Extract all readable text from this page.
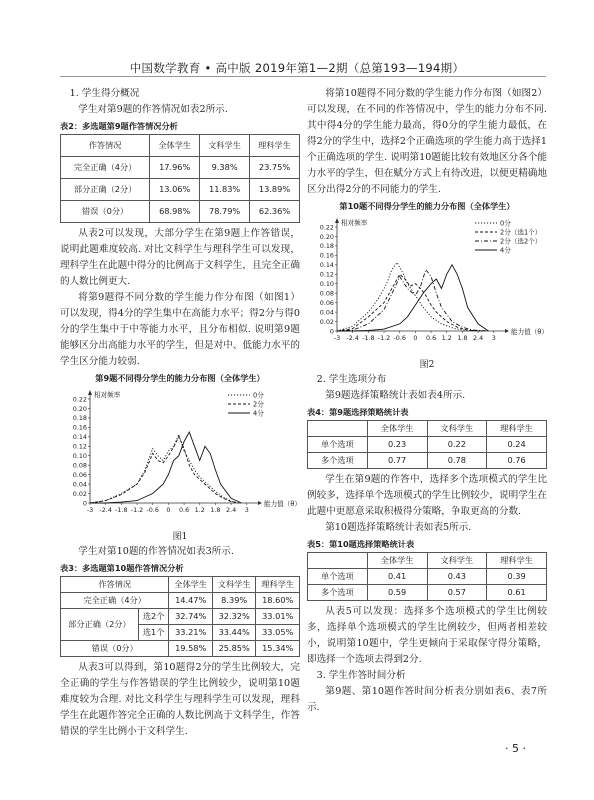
中国数学教育 • 高中版 2019年第1—2期（总第193—194期）

1. 学生得分概况

学生对第9题的作答情况如表2所示.

表2：多选题第9题作答情况分析
作答情况	全体学生	文科学生	理科学生
完全正确（4分）	17.96%	9.38%	23.75%
部分正确（2分）	13.06%	11.83%	13.89%
错误（0分）	68.98%	78.79%	62.36%

从表2可以发现，大部分学生在第9题上作答错误，说明此题难度较高. 对比文科学生与理科学生可以发现，理科学生在此题中得分的比例高于文科学生，且完全正确的人数比例更大.

将第9题得不同分数的学生能力作分布图（如图1）可以发现，得4分的学生集中在高能力水平；得2分与得0分的学生集中于中等能力水平，且分布相似. 说明第9题能够区分出高能力水平的学生，但是对中、低能力水平的学生区分能力较弱.

第9题不同得分学生的能力分布图（全体学生）
0
0.02
0.04
0.06
0.08
0.10
0.12
0.14
0.16
0.18
0.20
0.22
-3 -2.4 -1.8 -1.2 -0.6 0 0.6 1.2 1.8 2.4 3
相对频率
能力值（θ）
0分
2分
4分
图1

学生对第10题的作答情况如表3所示.

表3：多选题第10题作答情况分析
作答情况		全体学生	文科学生	理科学生
完全正确（4分）		14.47%	8.39%	18.60%
部分正确（2分）	选2个	32.74%	32.32%	33.01%
	选1个	33.21%	33.44%	33.05%
错误（0分）		19.58%	25.85%	15.34%

从表3可以得到，第10题得2分的学生比例较大，完全正确的学生与作答错误的学生比例较少，说明第10题难度较为合理. 对比文科学生与理科学生可以发现，理科学生在此题作答完全正确的人数比例高于文科学生，作答错误的学生比例小于文科学生.

将第10题得不同分数的学生能力作分布图（如图2）可以发现，在不同的作答情况中，学生的能力分布不同. 其中得4分的学生能力最高，得0分的学生能力最低，在得2分的学生中，选择2个正确选项的学生能力高于选择1个正确选项的学生. 说明第10题能比较有效地区分各个能力水平的学生，但在赋分方式上有待改进，以便更精确地区分出得2分的不同能力的学生.

第10题不同得分学生的能力分布图（全体学生）
0
0.02
0.04
0.06
0.08
0.10
0.12
0.14
0.16
0.18
0.20
0.22
-3 -2.4 -1.8 -1.2 -0.6 0 0.6 1.2 1.8 2.4 3
相对频率
能力值（θ）
0分
2分（选1个）
2分（选2个）
4分
图2

2. 学生选项分布

第9题选择策略统计表如表4所示.

表4：第9题选择策略统计表
	全体学生	文科学生	理科学生
单个选项	0.23	0.22	0.24
多个选项	0.77	0.78	0.76

学生在第9题的作答中，选择多个选项模式的学生比例较多，选择单个选项模式的学生比例较少，说明学生在此题中更愿意采取积极得分策略，争取更高的分数.

第10题选择策略统计表如表5所示.

表5：第10题选择策略统计表
	全体学生	文科学生	理科学生
单个选项	0.41	0.43	0.39
多个选项	0.59	0.57	0.61

从表5可以发现：选择多个选项模式的学生比例较多，选择单个选项模式的学生比例较少，但两者相差较小，说明第10题中，学生更倾向于采取保守得分策略，即选择一个选项去得到2分.

3. 学生作答时间分析

第9题、第10题作答时间分析表分别如表6、表7所示.

· 5 ·
